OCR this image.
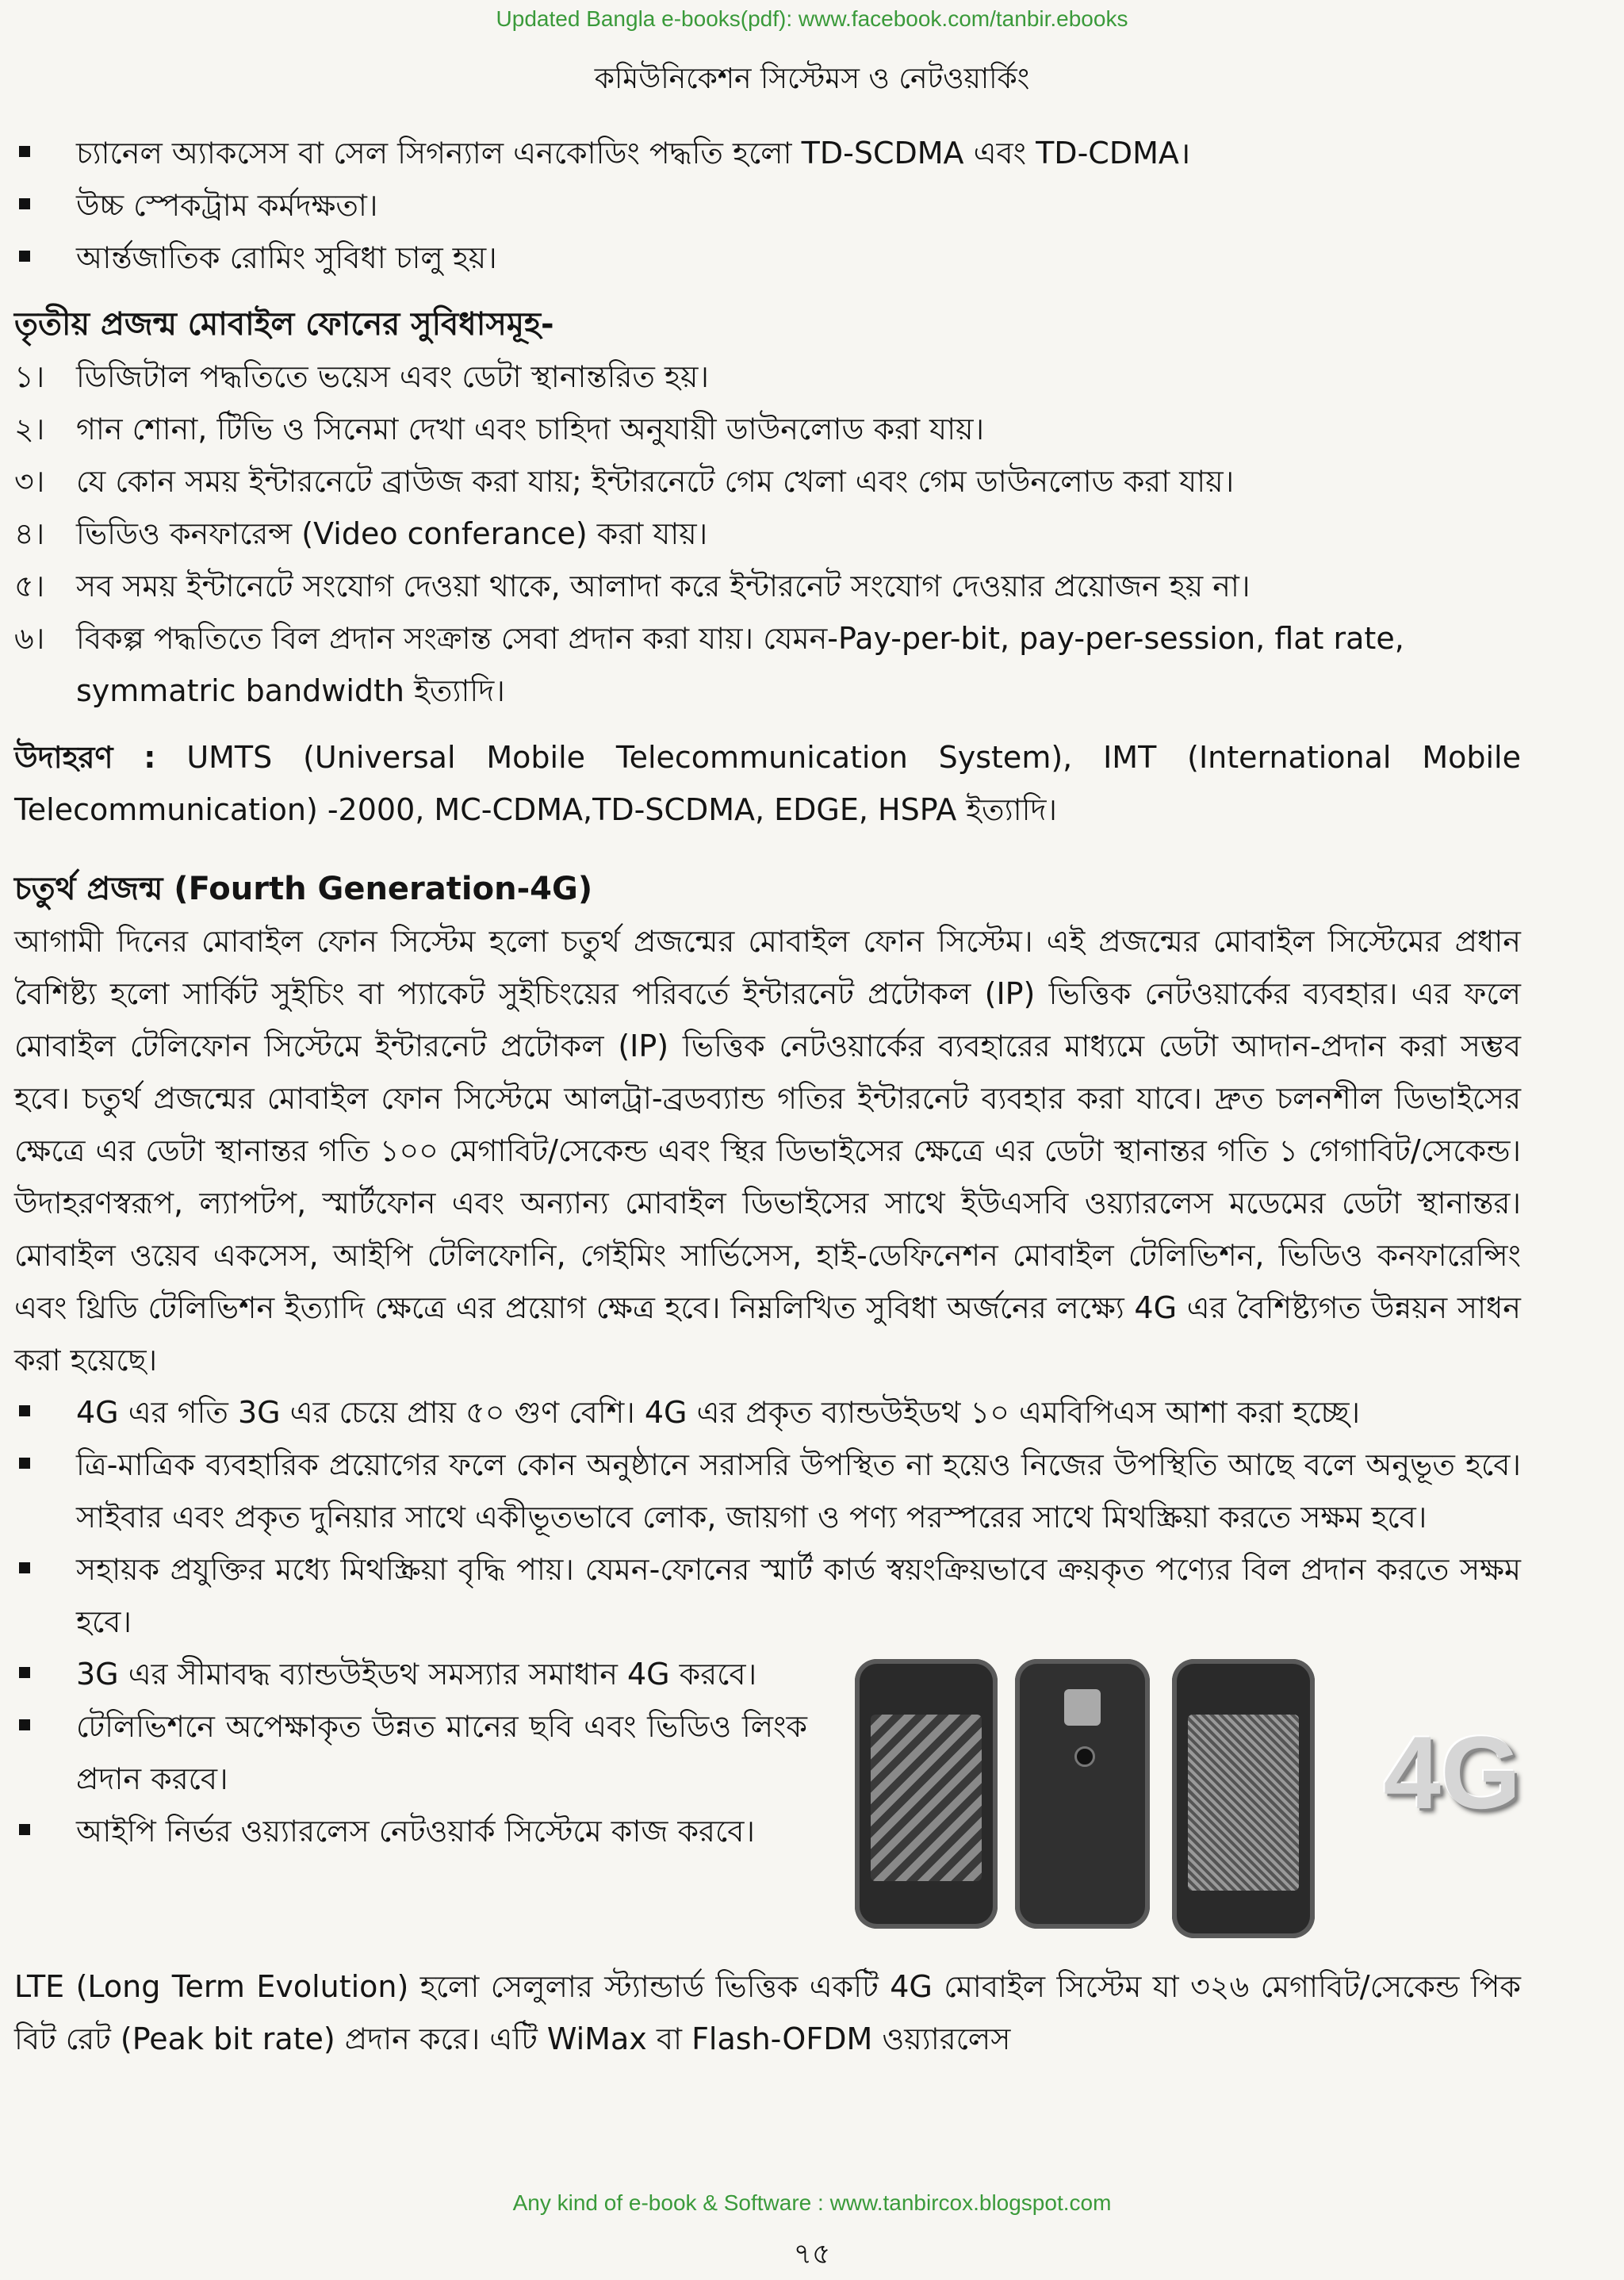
Updated Bangla e-books(pdf): www.facebook.com/tanbir.ebooks
কমিউনিকেশন সিস্টেমস ও নেটওয়ার্কিং
চ্যানেল অ্যাকসেস বা সেল সিগন্যাল এনকোডিং পদ্ধতি হলো TD-SCDMA এবং TD-CDMA।
উচ্চ স্পেকট্রাম কর্মদক্ষতা।
আর্ন্তজাতিক রোমিং সুবিধা চালু হয়।
তৃতীয় প্রজন্ম মোবাইল ফোনের সুবিধাসমূহ-
১। ডিজিটাল পদ্ধতিতে ভয়েস এবং ডেটা স্থানান্তরিত হয়।
২। গান শোনা, টিভি ও সিনেমা দেখা এবং চাহিদা অনুযায়ী ডাউনলোড করা যায়।
৩। যে কোন সময় ইন্টারনেটে ব্রাউজ করা যায়; ইন্টারনেটে গেম খেলা এবং গেম ডাউনলোড করা যায়।
৪। ভিডিও কনফারেন্স (Video conferance) করা যায়।
৫। সব সময় ইন্টানেটে সংযোগ দেওয়া থাকে, আলাদা করে ইন্টারনেট সংযোগ দেওয়ার প্রয়োজন হয় না।
৬। বিকল্প পদ্ধতিতে বিল প্রদান সংক্রান্ত সেবা প্রদান করা যায়। যেমন-Pay-per-bit, pay-per-session, flat rate, symmatric bandwidth ইত্যাদি।
উদাহরণ : UMTS (Universal Mobile Telecommunication System), IMT (International Mobile Telecommunication) -2000, MC-CDMA,TD-SCDMA, EDGE, HSPA ইত্যাদি।
চতুর্থ প্রজন্ম (Fourth Generation-4G)
আগামী দিনের মোবাইল ফোন সিস্টেম হলো চতুর্থ প্রজন্মের মোবাইল ফোন সিস্টেম। এই প্রজন্মের মোবাইল সিস্টেমের প্রধান বৈশিষ্ট্য হলো সার্কিট সুইচিং বা প্যাকেট সুইচিংয়ের পরিবর্তে ইন্টারনেট প্রটোকল (IP) ভিত্তিক নেটওয়ার্কের ব্যবহার। এর ফলে মোবাইল টেলিফোন সিস্টেমে ইন্টারনেট প্রটোকল (IP) ভিত্তিক নেটওয়ার্কের ব্যবহারের মাধ্যমে ডেটা আদান-প্রদান করা সম্ভব হবে। চতুর্থ প্রজন্মের মোবাইল ফোন সিস্টেমে আলট্রা-ব্রডব্যান্ড গতির ইন্টারনেট ব্যবহার করা যাবে। দ্রুত চলনশীল ডিভাইসের ক্ষেত্রে এর ডেটা স্থানান্তর গতি ১০০ মেগাবিট/সেকেন্ড এবং স্থির ডিভাইসের ক্ষেত্রে এর ডেটা স্থানান্তর গতি ১ গেগাবিট/সেকেন্ড। উদাহরণস্বরূপ, ল্যাপটপ, স্মার্টফোন এবং অন্যান্য মোবাইল ডিভাইসের সাথে ইউএসবি ওয়্যারলেস মডেমের ডেটা স্থানান্তর। মোবাইল ওয়েব একসেস, আইপি টেলিফোনি, গেইমিং সার্ভিসেস, হাই-ডেফিনেশন মোবাইল টেলিভিশন, ভিডিও কনফারেন্সিং এবং থ্রিডি টেলিভিশন ইত্যাদি ক্ষেত্রে এর প্রয়োগ ক্ষেত্র হবে। নিম্নলিখিত সুবিধা অর্জনের লক্ষ্যে 4G এর বৈশিষ্ট্যগত উন্নয়ন সাধন করা হয়েছে।
4G এর গতি 3G এর চেয়ে প্রায় ৫০ গুণ বেশি। 4G এর প্রকৃত ব্যান্ডউইডথ ১০ এমবিপিএস আশা করা হচ্ছে।
ত্রি-মাত্রিক ব্যবহারিক প্রয়োগের ফলে কোন অনুষ্ঠানে সরাসরি উপস্থিত না হয়েও নিজের উপস্থিতি আছে বলে অনুভূত হবে। সাইবার এবং প্রকৃত দুনিয়ার সাথে একীভূতভাবে লোক, জায়গা ও পণ্য পরস্পরের সাথে মিথস্ক্রিয়া করতে সক্ষম হবে।
সহায়ক প্রযুক্তির মধ্যে মিথস্ক্রিয়া বৃদ্ধি পায়। যেমন-ফোনের স্মার্ট কার্ড স্বয়ংক্রিয়ভাবে ক্রয়কৃত পণ্যের বিল প্রদান করতে সক্ষম হবে।
3G এর সীমাবদ্ধ ব্যান্ডউইডথ সমস্যার সমাধান 4G করবে।
টেলিভিশনে অপেক্ষাকৃত উন্নত মানের ছবি এবং ভিডিও লিংক প্রদান করবে।
আইপি নির্ভর ওয়্যারলেস নেটওয়ার্ক সিস্টেমে কাজ করবে।
4G
LTE (Long Term Evolution) হলো সেলুলার স্ট্যান্ডার্ড ভিত্তিক একটি 4G মোবাইল সিস্টেম যা ৩২৬ মেগাবিট/সেকেন্ড পিক বিট রেট (Peak bit rate) প্রদান করে। এটি WiMax বা Flash-OFDM ওয়্যারলেস
Any kind of e-book & Software : www.tanbircox.blogspot.com
৭৫
